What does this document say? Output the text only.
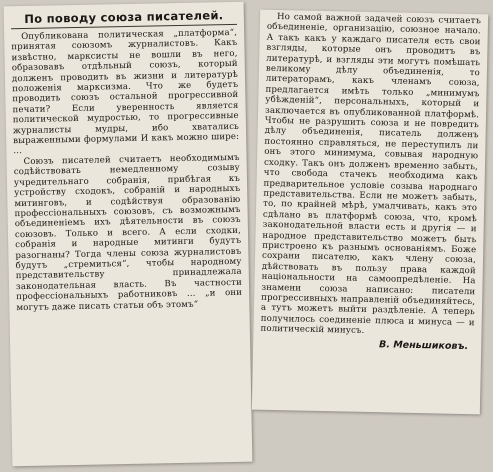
По поводу союза писателей.

Опубликована политическая „платформа“, принятая союзомъ журналистовъ. Какъ извѣстно, марксисты не вошли въ него, образовавъ отдѣльный союзъ, который долженъ проводить въ жизни и литературѣ положенія марксизма. Что же будетъ проводить союзъ остальной прогрессивной печати? Если уверенность является политической мудростью, то прогрессивные журналисты мудры, ибо хватались выраженными формулами И какъ можно шире: ...

Союзъ писателей считаетъ необходимымъ содѣйствовать немедленному созыву учредительнаго собранія, прибѣгая къ устройству сходокъ, собраній и народныхъ митинговъ, и содѣйствуя образованію профессіональныхъ союзовъ, съ возможнымъ объединеніемъ ихъ дѣятельности въ союзъ союзовъ. Только и всего. А если сходки, собранія и народные митинги будутъ разогнаны? Тогда члены союза журналистовъ будутъ „стремиться“, чтобы народному представительству принадлежала законодательная власть. Въ частности профессіональныхъ работниковъ ... „и они могутъ даже писать статьи объ этомъ“

Но самой важной задачей союзъ считаетъ объединеніе, организацію, союзное начало. А такъ какъ у каждаго писателя есть свои взгляды, которые онъ проводитъ въ литературѣ, и взгляды эти могутъ помѣшать великому дѣлу объединенія, то литераторамъ, какъ членамъ союза, предлагается имѣть только „минимумъ убѣжденій“, персональныхъ, который и заключается въ опубликованной платформѣ. Чтобы не разрушить союза и не повредить дѣлу объединенія, писатель долженъ постоянно справляться, не переступилъ ли онъ этого минимума, совывая народную сходку. Такъ онъ долженъ временно забыть, что свобода стачекъ необходима какъ предварительное условіе созыва народнаго представительства. Если не можетъ забыть, то, по крайней мѣрѣ, умалчивать, какъ это сдѣлано въ платформѣ союза, что, кромѣ законодательной власти есть и другія — и народное представительство можетъ быть пристроено къ разнымъ основаніямъ. Боже сохрани писателю, какъ члену союза, дѣйствовать въ пользу права каждой національности на самоопредѣленіе. На знамени союза написано: писатели прогрессивныхъ направленій объединяйтесь, а тутъ можетъ выйти раздѣленіе. А теперь получилось соединеніе плюса и минуса — и политическій минусъ.

В. Меньшиковъ.
